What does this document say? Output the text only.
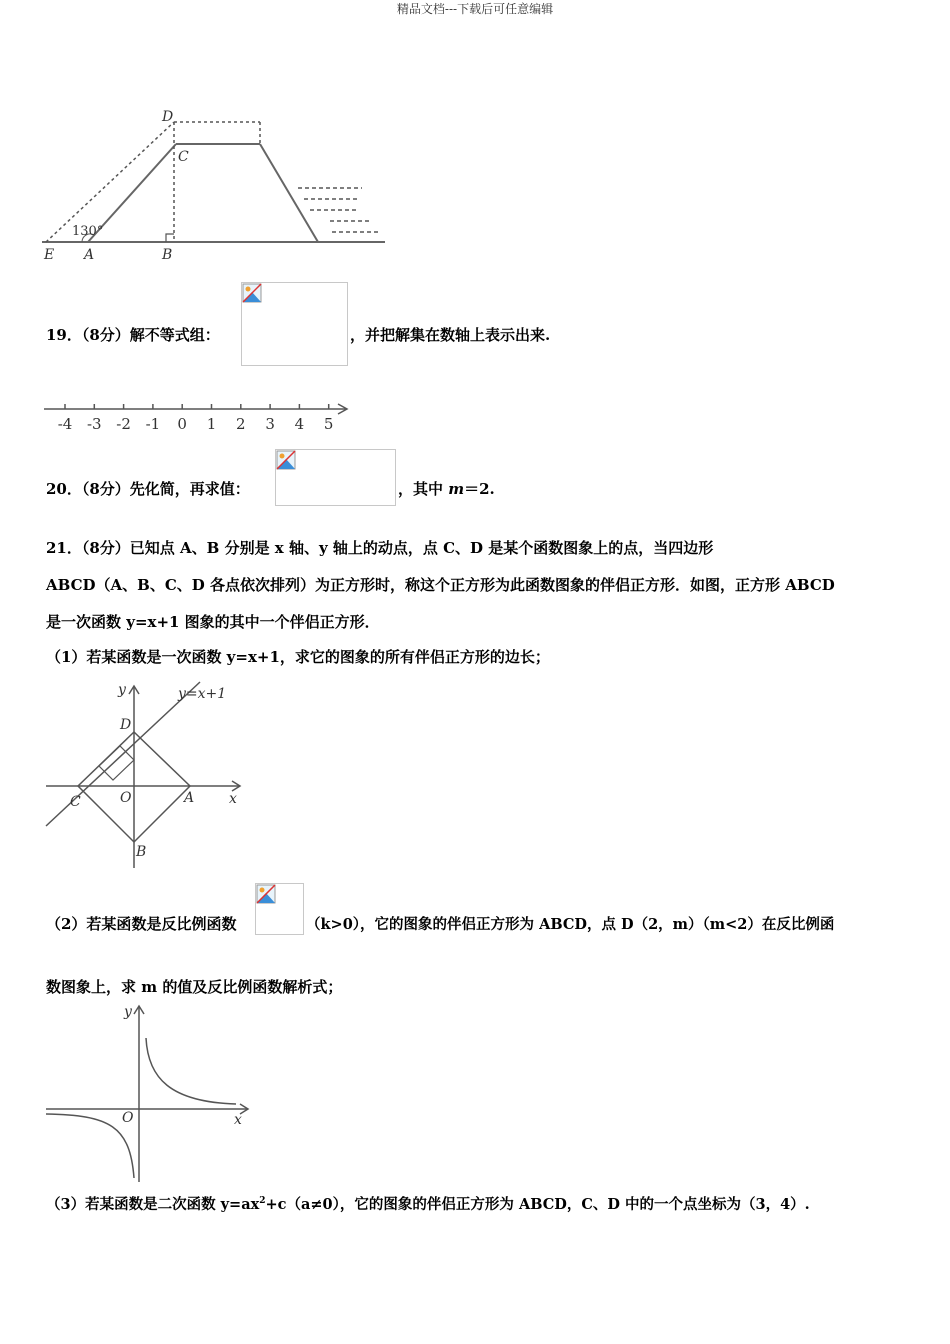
精品文档---下载后可任意编辑
D
C
130°
E A	B
19．（8分）解不等式组：	，并把解集在数轴上表示出来.
-4 -3 -2 -1 0 1 2 3 4 5
20．（8分）先化简，再求值：	，其中 m＝2.
21．（8分）已知点 A、B 分别是 x 轴、y 轴上的动点，点 C、D 是某个函数图象上的点，当四边形
ABCD（A、B、C、D 各点依次排列）为正方形时，称这个正方形为此函数图象的伴侣正方形．如图，正方形 ABCD
是一次函数 y=x+1 图象的其中一个伴侣正方形．
（1）若某函数是一次函数 y=x+1，求它的图象的所有伴侣正方形的边长；
y	y=x+1
D
C	O	A x
B
（2）若某函数是反比例函数	（k>0），它的图象的伴侣正方形为 ABCD，点 D（2，m）（m<2）在反比例函
数图象上，求 m 的值及反比例函数解析式；
y
O	x
（3）若某函数是二次函数 $y=ax^2+c(a\ne 0)$，它的图象的伴侣正方形为 ABCD，C、D 中的一个点坐标为（3，4）.
